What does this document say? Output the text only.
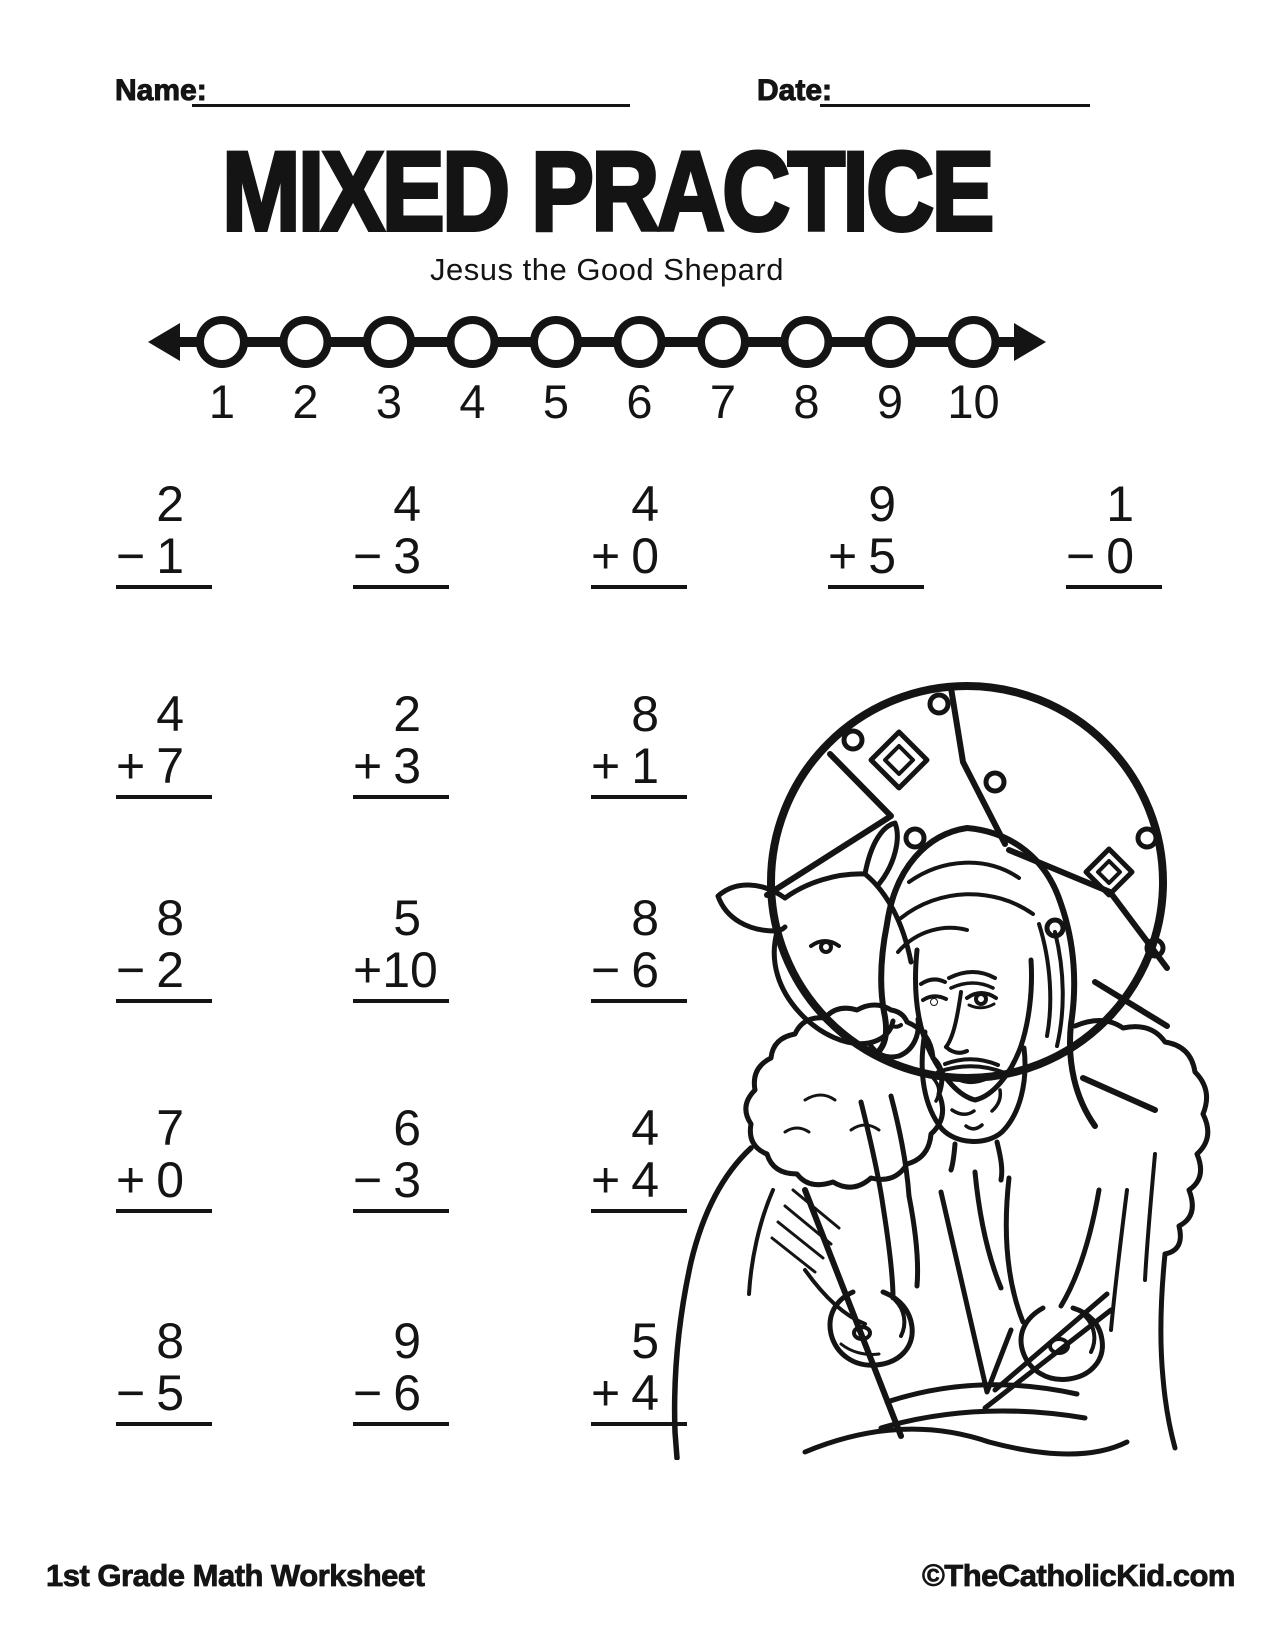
Name:	Date:
MIXED PRACTICE
Jesus the Good Shepard
1 2 3 4 5 6 7 8 9 10
2
− 1
4
− 3
4
+ 0
9
+ 5
1
− 0
4
+ 7
2
+ 3
8
+ 1
8
− 2
5
+ 10
8
− 6
7
+ 0
6
− 3
4
+ 4
8
− 5
9
− 6
5
+ 4
1st Grade Math Worksheet	©TheCatholicKid.com
